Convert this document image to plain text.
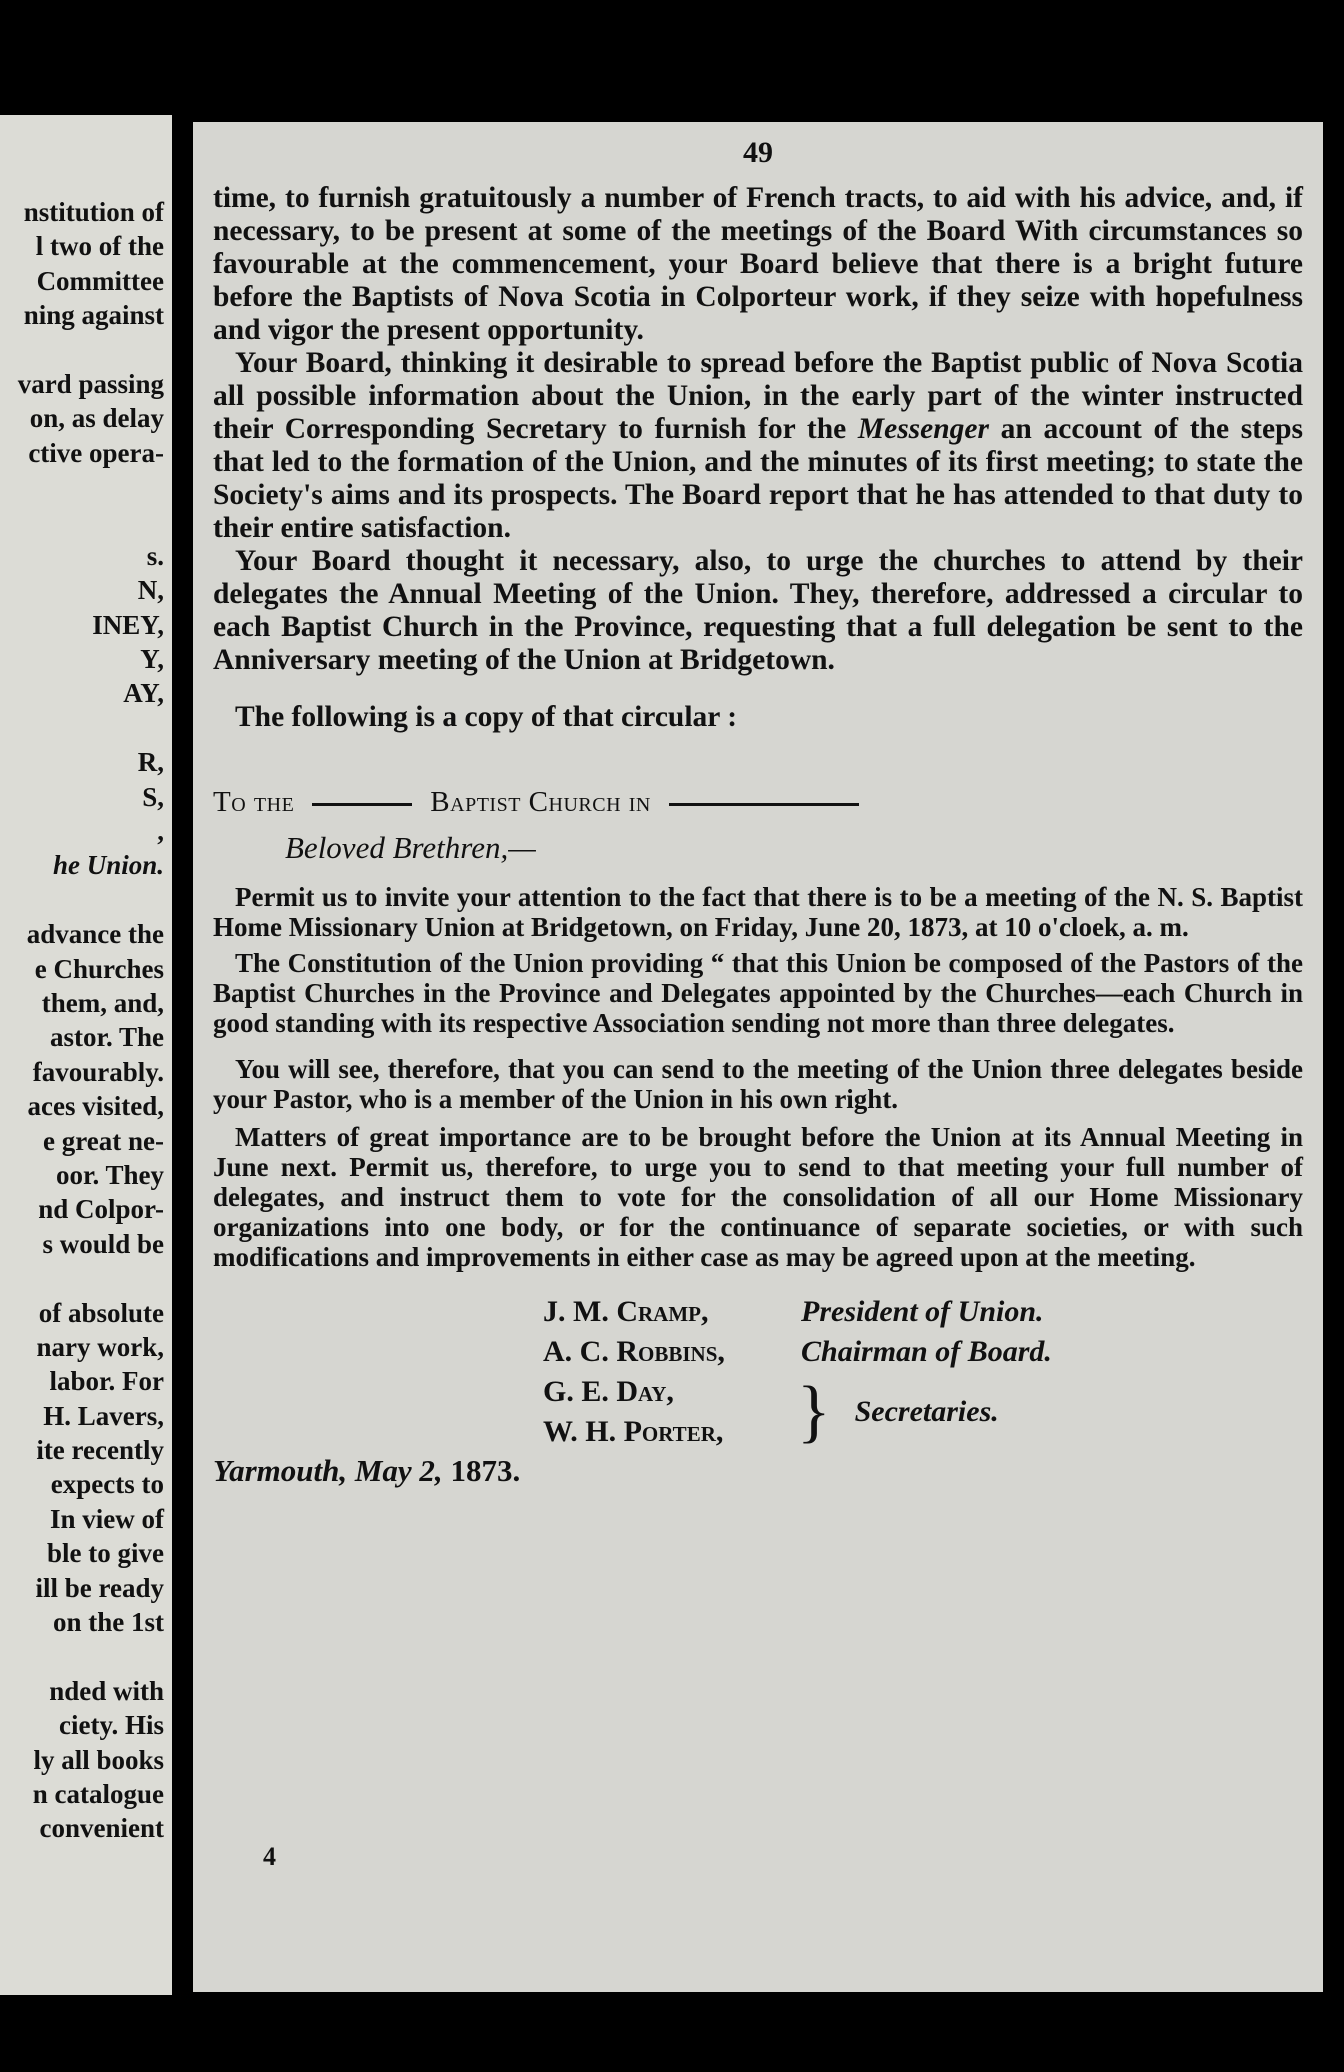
nstitution of
l two of the
Committee
ning against
vard passing
on, as delay
ctive opera-
s.
N,
INEY,
Y,
AY,
R,
S,
,
he Union.
advance the
e Churches
them, and,
astor. The
favourably.
aces visited,
e great ne-
oor. They
nd Colpor-
s would be
of absolute
nary work,
labor. For
H. Lavers,
ite recently
expects to
In view of
ble to give
ill be ready
on the 1st
nded with
ciety. His
ly all books
n catalogue
convenient
49

time, to furnish gratuitously a number of French tracts, to aid with his advice, and, if necessary, to be present at some of the meetings of the Board With circumstances so favourable at the commencement, your Board believe that there is a bright future before the Baptists of Nova Scotia in Colporteur work, if they seize with hopefulness and vigor the present opportunity.

Your Board, thinking it desirable to spread before the Baptist public of Nova Scotia all possible information about the Union, in the early part of the winter instructed their Corresponding Secretary to furnish for the Messenger an account of the steps that led to the formation of the Union, and the minutes of its first meeting; to state the Society's aims and its prospects. The Board report that he has attended to that duty to their entire satisfaction.

Your Board thought it necessary, also, to urge the churches to attend by their delegates the Annual Meeting of the Union. They, therefore, addressed a circular to each Baptist Church in the Province, requesting that a full delegation be sent to the Anniversary meeting of the Union at Bridgetown.

The following is a copy of that circular :

To the	Baptist Church in
Beloved Brethren,—

Permit us to invite your attention to the fact that there is to be a meeting of the N. S. Baptist Home Missionary Union at Bridgetown, on Friday, June 20, 1873, at 10 o'cloek, a. m.

The Constitution of the Union providing “ that this Union be composed of the Pastors of the Baptist Churches in the Province and Delegates appointed by the Churches—each Church in good standing with its respective Association sending not more than three delegates.

You will see, therefore, that you can send to the meeting of the Union three delegates beside your Pastor, who is a member of the Union in his own right.

Matters of great importance are to be brought before the Union at its Annual Meeting in June next. Permit us, therefore, to urge you to send to that meeting your full number of delegates, and instruct them to vote for the consolidation of all our Home Missionary organizations into one body, or for the continuance of separate societies, or with such modifications and improvements in either case as may be agreed upon at the meeting.

J. M. Cramp,	President of Union.
A. C. Robbins,	Chairman of Board.
G. E. Day,
W. H. Porter,	} Secretaries.
Yarmouth, May 2, 1873.
4
